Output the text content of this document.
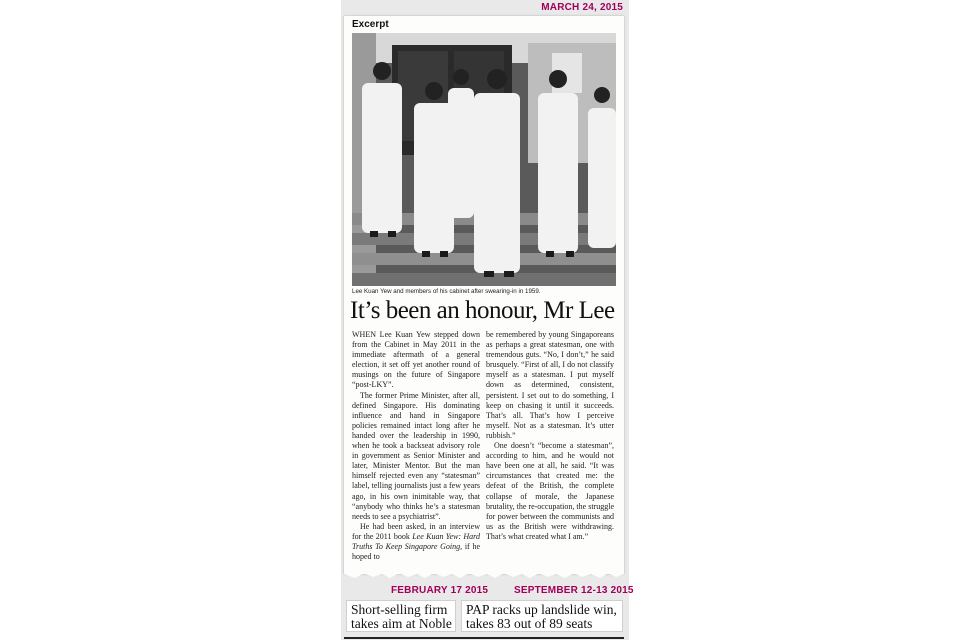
MARCH 24, 2015
Excerpt
Lee Kuan Yew and members of his cabinet after swearing-in in 1959.
It’s been an honour, Mr Lee

WHEN Lee Kuan Yew stepped down from the Cabinet in May 2011 in the immediate aftermath of a general election, it set off yet another round of musings on the future of Singapore “post-LKY”.

The former Prime Minister, after all, defined Singapore. His dominating influence and hand in Singapore policies remained intact long after he handed over the leadership in 1990, when he took a backseat advisory role in government as Senior Minister and later, Minister Mentor. But the man himself rejected even any “statesman” label, telling journalists just a few years ago, in his own inimitable way, that “anybody who thinks he’s a statesman needs to see a psychiatrist”.

He had been asked, in an interview for the 2011 book Lee Kuan Yew: Hard Truths To Keep Singapore Going, if he hoped to

be remembered by young Singaporeans as perhaps a great statesman, one with tremendous guts. “No, I don’t,” he said brusquely. “First of all, I do not classify myself as a statesman. I put myself down as determined, consistent, persistent. I set out to do something, I keep on chasing it until it succeeds. That’s all. That’s how I perceive myself. Not as a statesman. It’s utter rubbish.”

One doesn’t “become a statesman”, according to him, and he would not have been one at all, he said. “It was circumstances that created me: the defeat of the British, the complete collapse of morale, the Japanese brutality, the re-occupation, the struggle for power between the communists and us as the British were withdrawing. That’s what created what I am.”

FEBRUARY 17 2015	SEPTEMBER 12-13 2015
Short-selling firm
takes aim at Noble
PAP racks up landslide win,
takes 83 out of 89 seats
